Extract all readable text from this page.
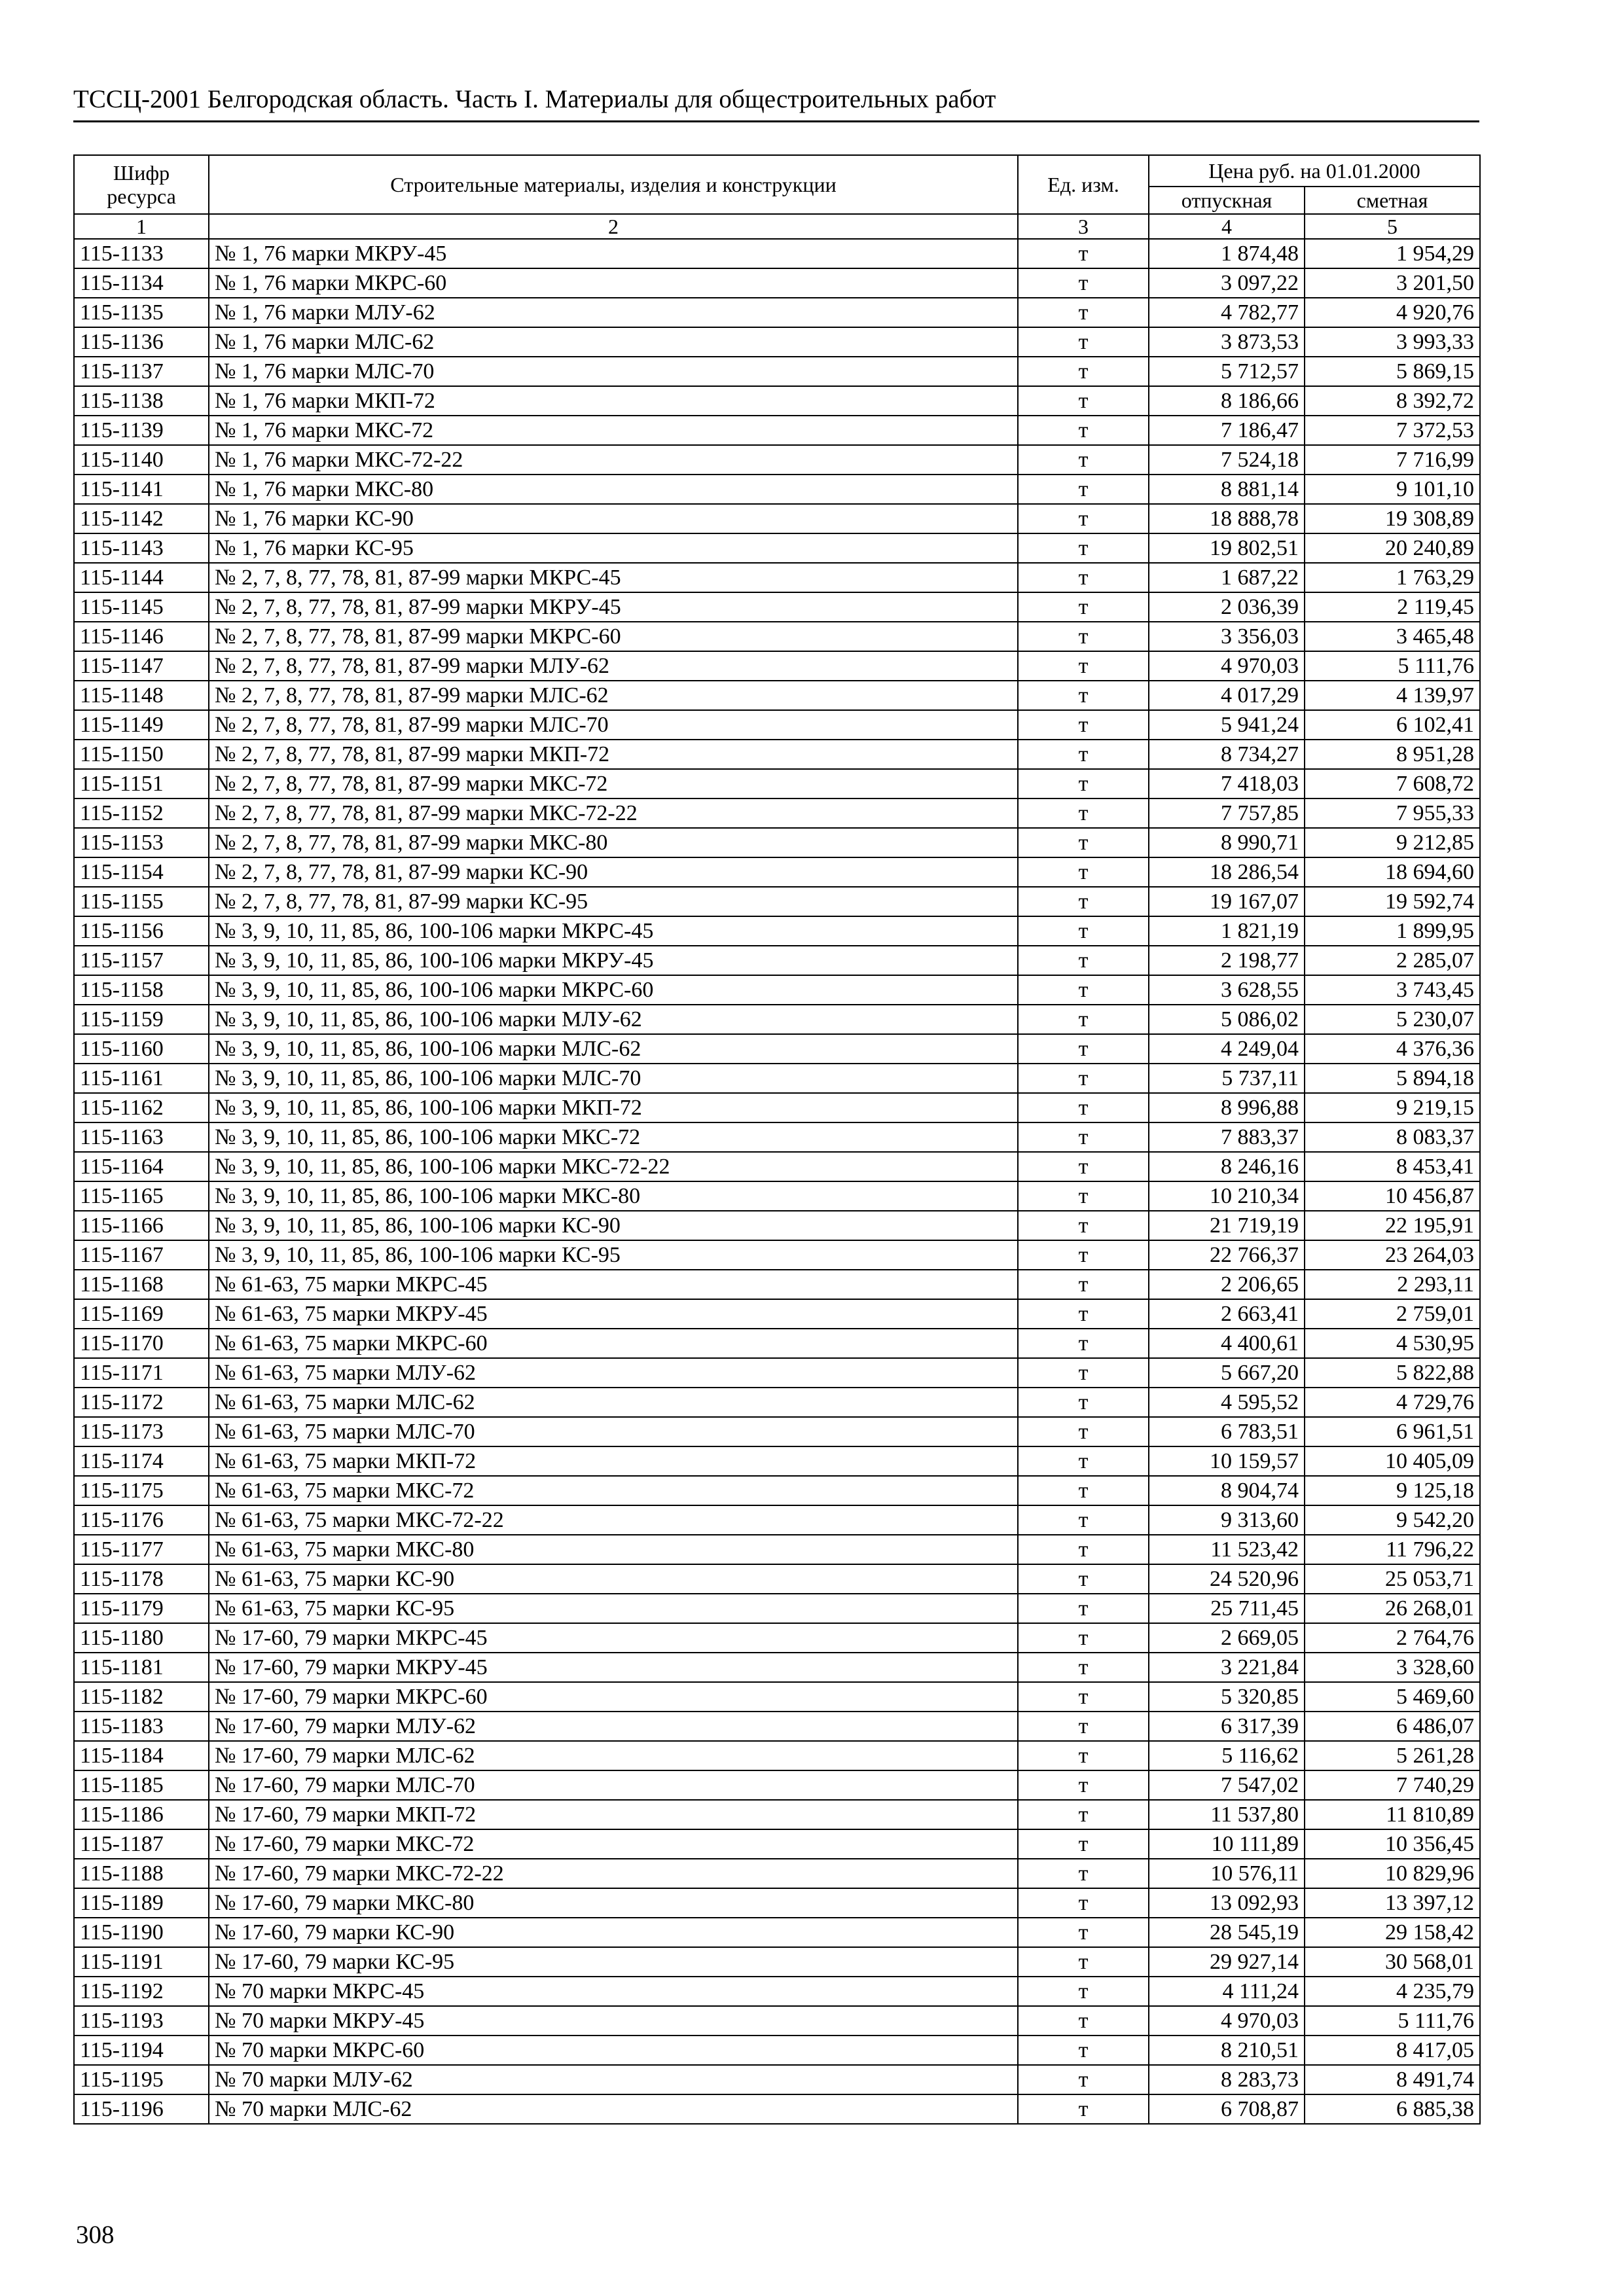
ТССЦ-2001 Белгородская область. Часть I. Материалы для общестроительных работ
Шифр ресурса	Строительные материалы, изделия и конструкции	Ед. изм.	Цена руб. на 01.01.2000	
			отпускная	сметная
1	2	3	4	5
115-1133	№ 1, 76 марки МКРУ-45	т	1 874,48	1 954,29
115-1134	№ 1, 76 марки МКРС-60	т	3 097,22	3 201,50
115-1135	№ 1, 76 марки МЛУ-62	т	4 782,77	4 920,76
115-1136	№ 1, 76 марки МЛС-62	т	3 873,53	3 993,33
115-1137	№ 1, 76 марки МЛС-70	т	5 712,57	5 869,15
115-1138	№ 1, 76 марки МКП-72	т	8 186,66	8 392,72
115-1139	№ 1, 76 марки МКС-72	т	7 186,47	7 372,53
115-1140	№ 1, 76 марки МКС-72-22	т	7 524,18	7 716,99
115-1141	№ 1, 76 марки МКС-80	т	8 881,14	9 101,10
115-1142	№ 1, 76 марки КС-90	т	18 888,78	19 308,89
115-1143	№ 1, 76 марки КС-95	т	19 802,51	20 240,89
115-1144	№ 2, 7, 8, 77, 78, 81, 87-99 марки МКРС-45	т	1 687,22	1 763,29
115-1145	№ 2, 7, 8, 77, 78, 81, 87-99 марки МКРУ-45	т	2 036,39	2 119,45
115-1146	№ 2, 7, 8, 77, 78, 81, 87-99 марки МКРС-60	т	3 356,03	3 465,48
115-1147	№ 2, 7, 8, 77, 78, 81, 87-99 марки МЛУ-62	т	4 970,03	5 111,76
115-1148	№ 2, 7, 8, 77, 78, 81, 87-99 марки МЛС-62	т	4 017,29	4 139,97
115-1149	№ 2, 7, 8, 77, 78, 81, 87-99 марки МЛС-70	т	5 941,24	6 102,41
115-1150	№ 2, 7, 8, 77, 78, 81, 87-99 марки МКП-72	т	8 734,27	8 951,28
115-1151	№ 2, 7, 8, 77, 78, 81, 87-99 марки МКС-72	т	7 418,03	7 608,72
115-1152	№ 2, 7, 8, 77, 78, 81, 87-99 марки МКС-72-22	т	7 757,85	7 955,33
115-1153	№ 2, 7, 8, 77, 78, 81, 87-99 марки МКС-80	т	8 990,71	9 212,85
115-1154	№ 2, 7, 8, 77, 78, 81, 87-99 марки КС-90	т	18 286,54	18 694,60
115-1155	№ 2, 7, 8, 77, 78, 81, 87-99 марки КС-95	т	19 167,07	19 592,74
115-1156	№ 3, 9, 10, 11, 85, 86, 100-106 марки МКРС-45	т	1 821,19	1 899,95
115-1157	№ 3, 9, 10, 11, 85, 86, 100-106 марки МКРУ-45	т	2 198,77	2 285,07
115-1158	№ 3, 9, 10, 11, 85, 86, 100-106 марки МКРС-60	т	3 628,55	3 743,45
115-1159	№ 3, 9, 10, 11, 85, 86, 100-106 марки МЛУ-62	т	5 086,02	5 230,07
115-1160	№ 3, 9, 10, 11, 85, 86, 100-106 марки МЛС-62	т	4 249,04	4 376,36
115-1161	№ 3, 9, 10, 11, 85, 86, 100-106 марки МЛС-70	т	5 737,11	5 894,18
115-1162	№ 3, 9, 10, 11, 85, 86, 100-106 марки МКП-72	т	8 996,88	9 219,15
115-1163	№ 3, 9, 10, 11, 85, 86, 100-106 марки МКС-72	т	7 883,37	8 083,37
115-1164	№ 3, 9, 10, 11, 85, 86, 100-106 марки МКС-72-22	т	8 246,16	8 453,41
115-1165	№ 3, 9, 10, 11, 85, 86, 100-106 марки МКС-80	т	10 210,34	10 456,87
115-1166	№ 3, 9, 10, 11, 85, 86, 100-106 марки КС-90	т	21 719,19	22 195,91
115-1167	№ 3, 9, 10, 11, 85, 86, 100-106 марки КС-95	т	22 766,37	23 264,03
115-1168	№ 61-63, 75 марки МКРС-45	т	2 206,65	2 293,11
115-1169	№ 61-63, 75 марки МКРУ-45	т	2 663,41	2 759,01
115-1170	№ 61-63, 75 марки МКРС-60	т	4 400,61	4 530,95
115-1171	№ 61-63, 75 марки МЛУ-62	т	5 667,20	5 822,88
115-1172	№ 61-63, 75 марки МЛС-62	т	4 595,52	4 729,76
115-1173	№ 61-63, 75 марки МЛС-70	т	6 783,51	6 961,51
115-1174	№ 61-63, 75 марки МКП-72	т	10 159,57	10 405,09
115-1175	№ 61-63, 75 марки МКС-72	т	8 904,74	9 125,18
115-1176	№ 61-63, 75 марки МКС-72-22	т	9 313,60	9 542,20
115-1177	№ 61-63, 75 марки МКС-80	т	11 523,42	11 796,22
115-1178	№ 61-63, 75 марки КС-90	т	24 520,96	25 053,71
115-1179	№ 61-63, 75 марки КС-95	т	25 711,45	26 268,01
115-1180	№ 17-60, 79 марки МКРС-45	т	2 669,05	2 764,76
115-1181	№ 17-60, 79 марки МКРУ-45	т	3 221,84	3 328,60
115-1182	№ 17-60, 79 марки МКРС-60	т	5 320,85	5 469,60
115-1183	№ 17-60, 79 марки МЛУ-62	т	6 317,39	6 486,07
115-1184	№ 17-60, 79 марки МЛС-62	т	5 116,62	5 261,28
115-1185	№ 17-60, 79 марки МЛС-70	т	7 547,02	7 740,29
115-1186	№ 17-60, 79 марки МКП-72	т	11 537,80	11 810,89
115-1187	№ 17-60, 79 марки МКС-72	т	10 111,89	10 356,45
115-1188	№ 17-60, 79 марки МКС-72-22	т	10 576,11	10 829,96
115-1189	№ 17-60, 79 марки МКС-80	т	13 092,93	13 397,12
115-1190	№ 17-60, 79 марки КС-90	т	28 545,19	29 158,42
115-1191	№ 17-60, 79 марки КС-95	т	29 927,14	30 568,01
115-1192	№ 70 марки МКРС-45	т	4 111,24	4 235,79
115-1193	№ 70 марки МКРУ-45	т	4 970,03	5 111,76
115-1194	№ 70 марки МКРС-60	т	8 210,51	8 417,05
115-1195	№ 70 марки МЛУ-62	т	8 283,73	8 491,74
115-1196	№ 70 марки МЛС-62	т	6 708,87	6 885,38
308
